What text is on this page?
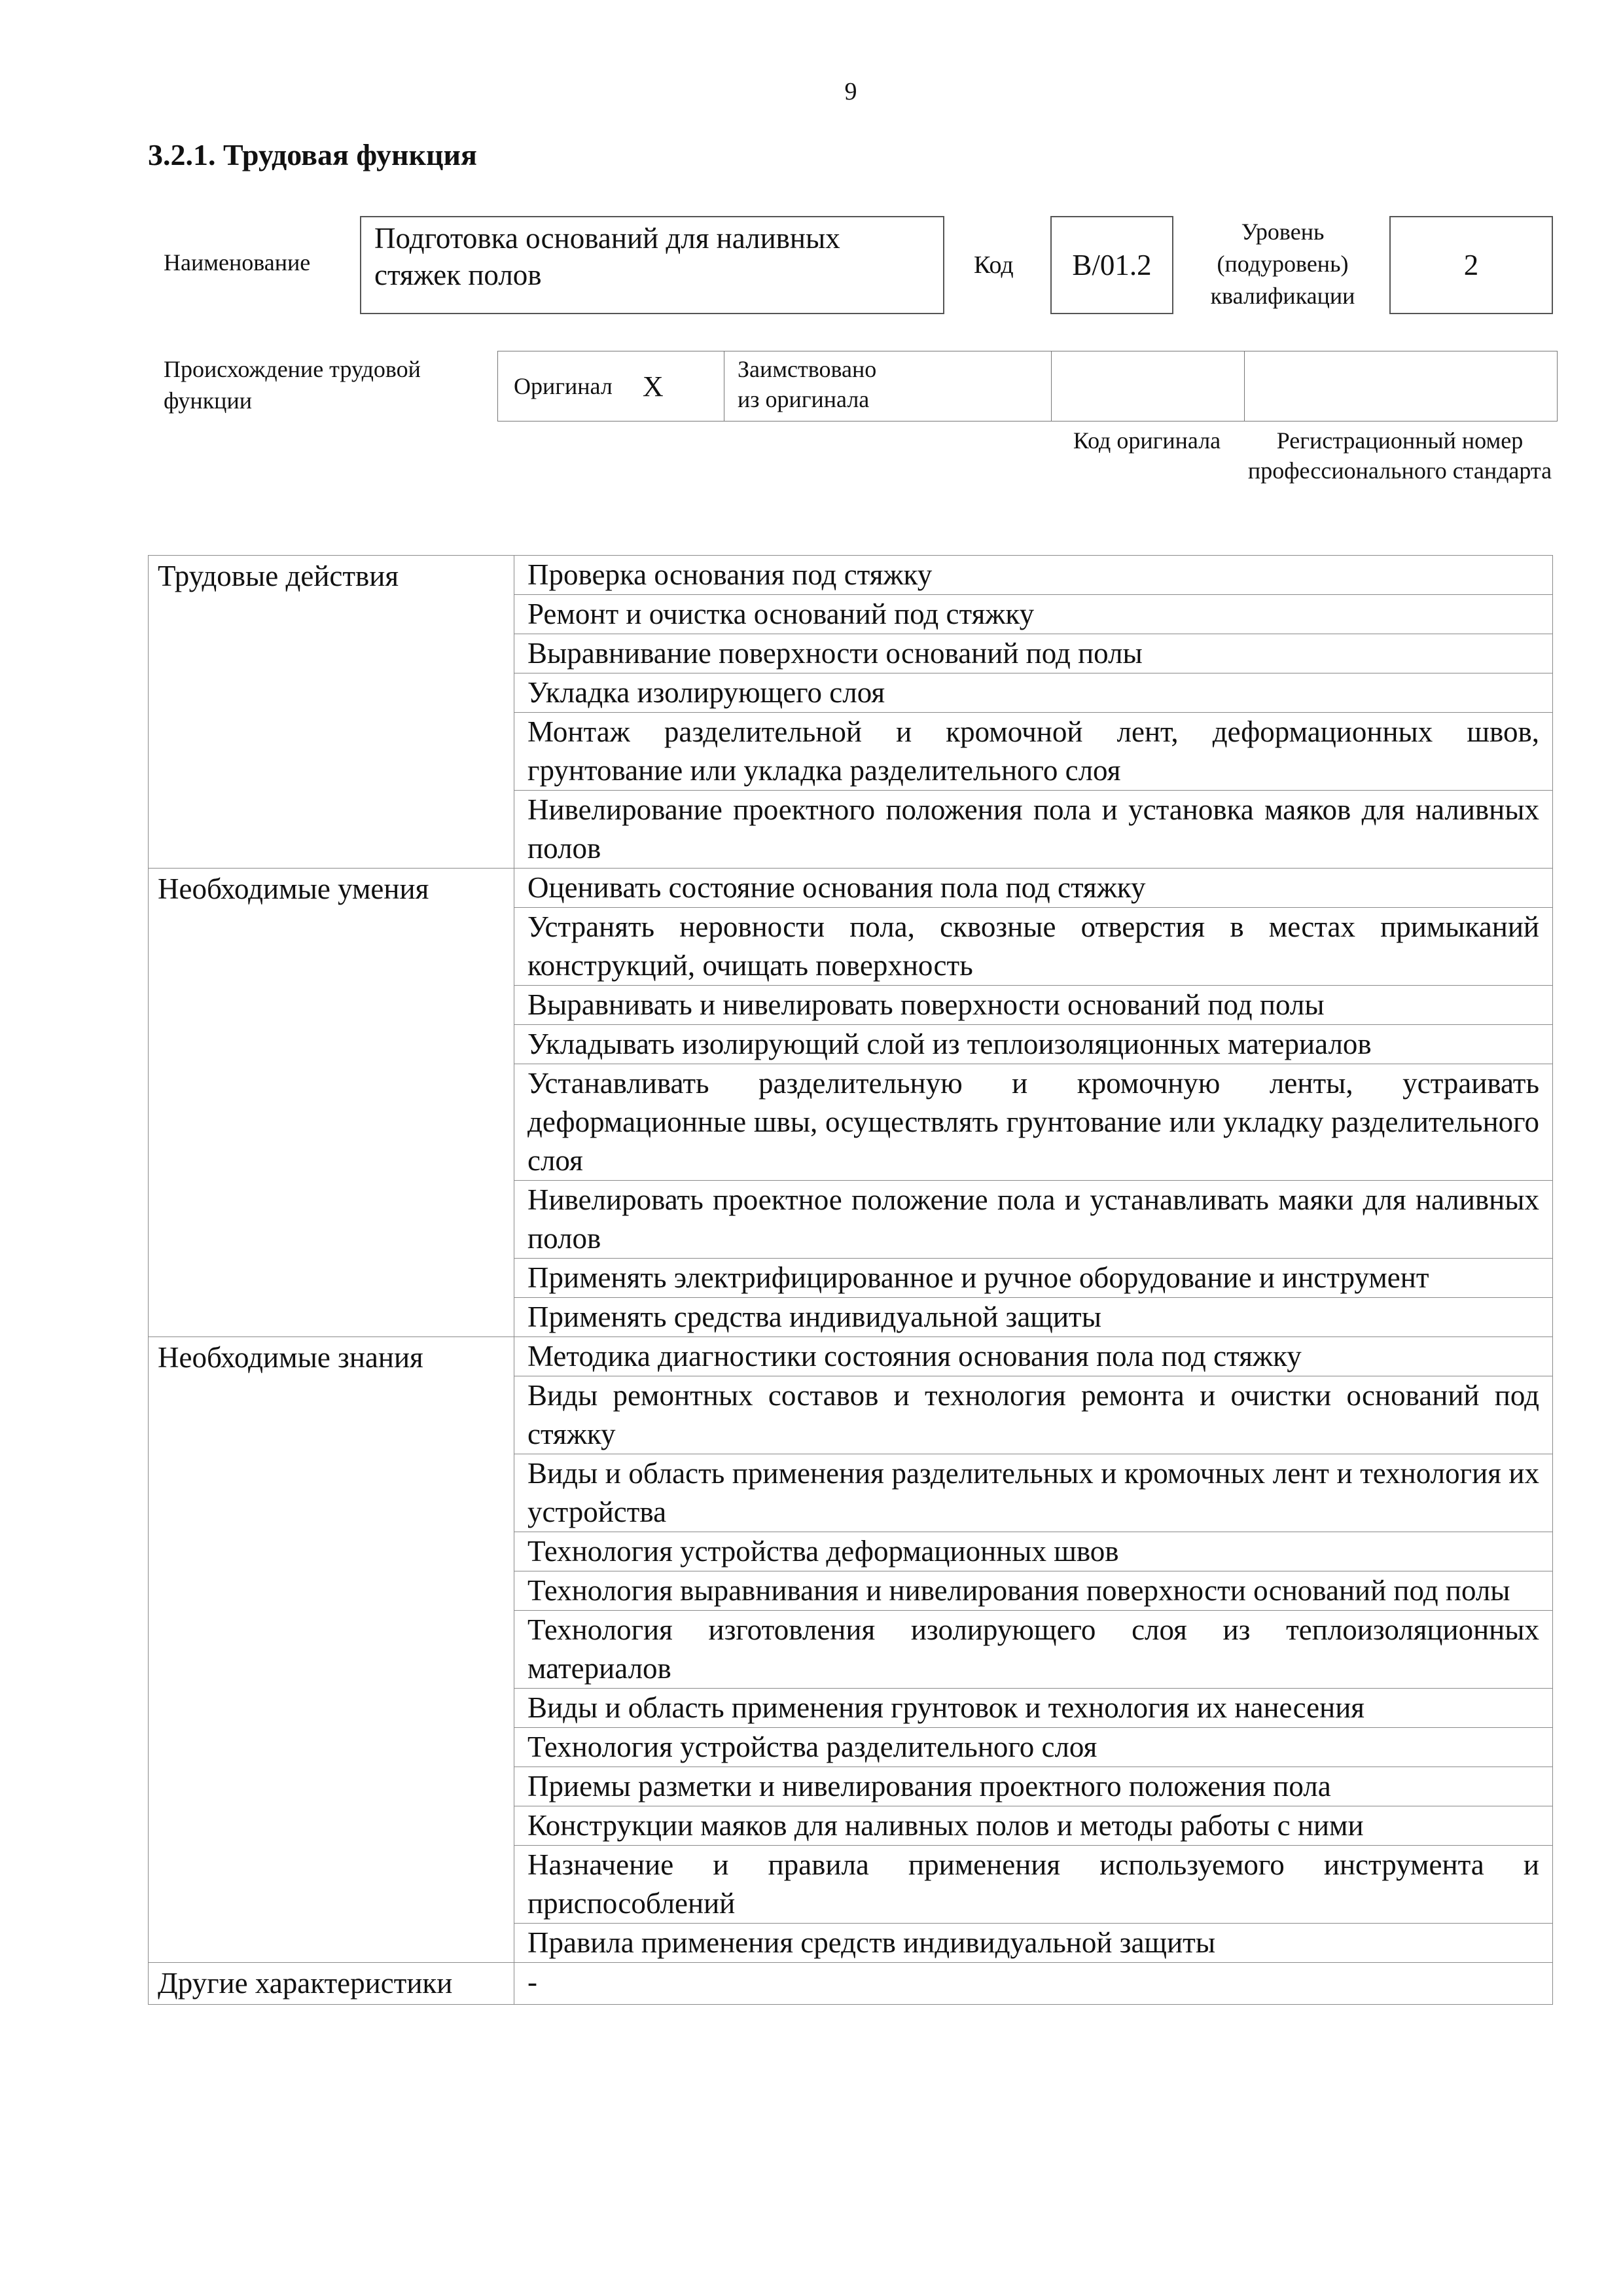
9
3.2.1. Трудовая функция
Наименование
Подготовка оснований для наливных стяжек полов	Код	B/01.2
Уровень (подуровень) квалификации
2
Происхождение трудовой функции
Оригинал X
Заимствовано из оригинала
Код оригинала	Регистрационный номер профессионального стандарта
Трудовые действия	Проверка основания под стяжку

	Ремонт и очистка оснований под стяжку

	Выравнивание поверхности оснований под полы

	Укладка изолирующего слоя

	Монтаж разделительной и кромочной лент, деформационных швов, грунтование или укладка разделительного слоя

	Нивелирование проектного положения пола и установка маяков для наливных полов

Необходимые умения	Оценивать состояние основания пола под стяжку

	Устранять неровности пола, сквозные отверстия в местах примыканий конструкций, очищать поверхность

	Выравнивать и нивелировать поверхности оснований под полы

	Укладывать изолирующий слой из теплоизоляционных материалов

	Устанавливать разделительную и кромочную ленты, устраивать деформационные швы, осуществлять грунтование или укладку разделительного слоя

	Нивелировать проектное положение пола и устанавливать маяки для наливных полов

	Применять электрифицированное и ручное оборудование и инструмент

	Применять средства индивидуальной защиты

Необходимые знания	Методика диагностики состояния основания пола под стяжку

	Виды ремонтных составов и технология ремонта и очистки оснований под стяжку

	Виды и область применения разделительных и кромочных лент и технология их устройства

	Технология устройства деформационных швов

	Технология выравнивания и нивелирования поверхности оснований под полы

	Технология изготовления изолирующего слоя из теплоизоляционных материалов

	Виды и область применения грунтовок и технология их нанесения

	Технология устройства разделительного слоя

	Приемы разметки и нивелирования проектного положения пола

	Конструкции маяков для наливных полов и методы работы с ними

	Назначение и правила применения используемого инструмента и приспособлений

	Правила применения средств индивидуальной защиты

Другие характеристики	-
